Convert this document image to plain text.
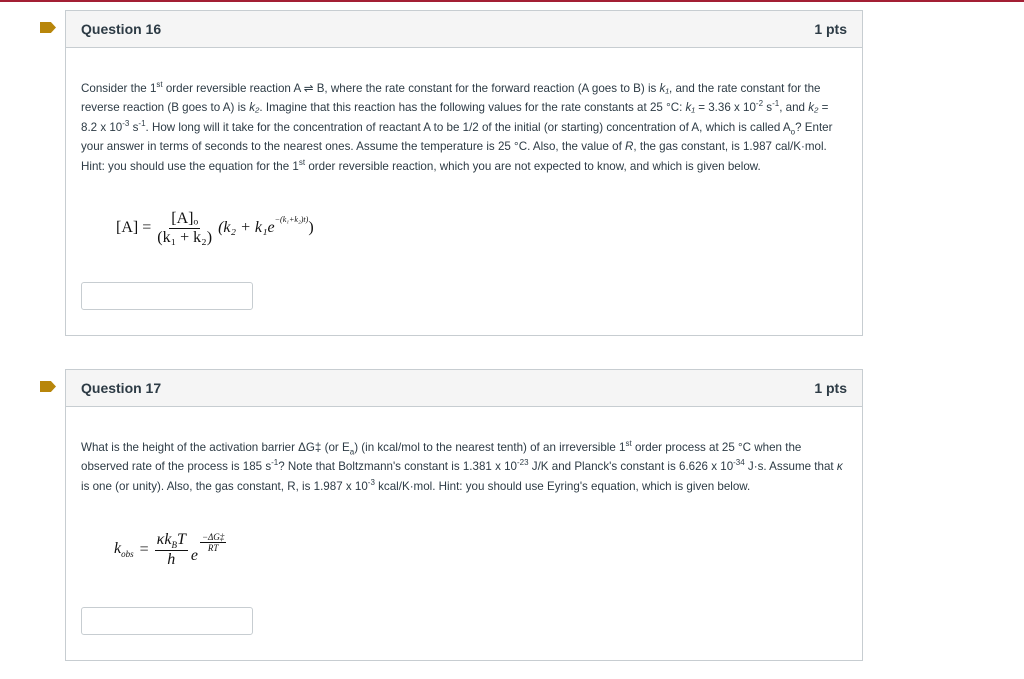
Question 16	1 pts

Consider the 1st order reversible reaction A ⇌ B, where the rate constant for the forward reaction (A goes to B) is k₁, and the rate constant for the reverse reaction (B goes to A) is k₂. Imagine that this reaction has the following values for the rate constants at 25 °C: k₁ = 3.36 x $10^{-2}$ $s^{-1}$, and k₂ = 8.2 x $10^{-3}$ $s^{-1}$. How long will it take for the concentration of reactant A to be 1/2 of the initial (or starting) concentration of A, which is called $A_o$? Enter your answer in terms of seconds to the nearest ones. Assume the temperature is 25 °C. Also, the value of R, the gas constant, is 1.987 cal/K·mol. Hint: you should use the equation for the 1st order reversible reaction, which you are not expected to know, and which is given below.

$[A] = \frac{\text{[A]ₒ}}{\text{(k₁ + k₂)}} (k_2 + k_1e -(k_1+k_2)t)$ )
Question 17	1 pts

What is the height of the activation barrier ΔG‡ (or $E_a$) (in kcal/mol to the nearest tenth) of an irreversible 1st order process at 25 °C when the observed rate of the process is 185 $s^{-1}$? Note that Boltzmann's constant is 1.381 x $10^{-23}$ J/K and Planck's constant is 6.626 x $10^{-34}$ J·s. Assume that κ is one (or unity). Also, the gas constant, R, is 1.987 x $10^{-3}$ kcal/K·mol. Hint: you should use Eyring's equation, which is given below.

$k_{obs} = \frac{\kappa k_BT}{h}$ e
$\frac{-\Delta G\ddagger}{RT}$
